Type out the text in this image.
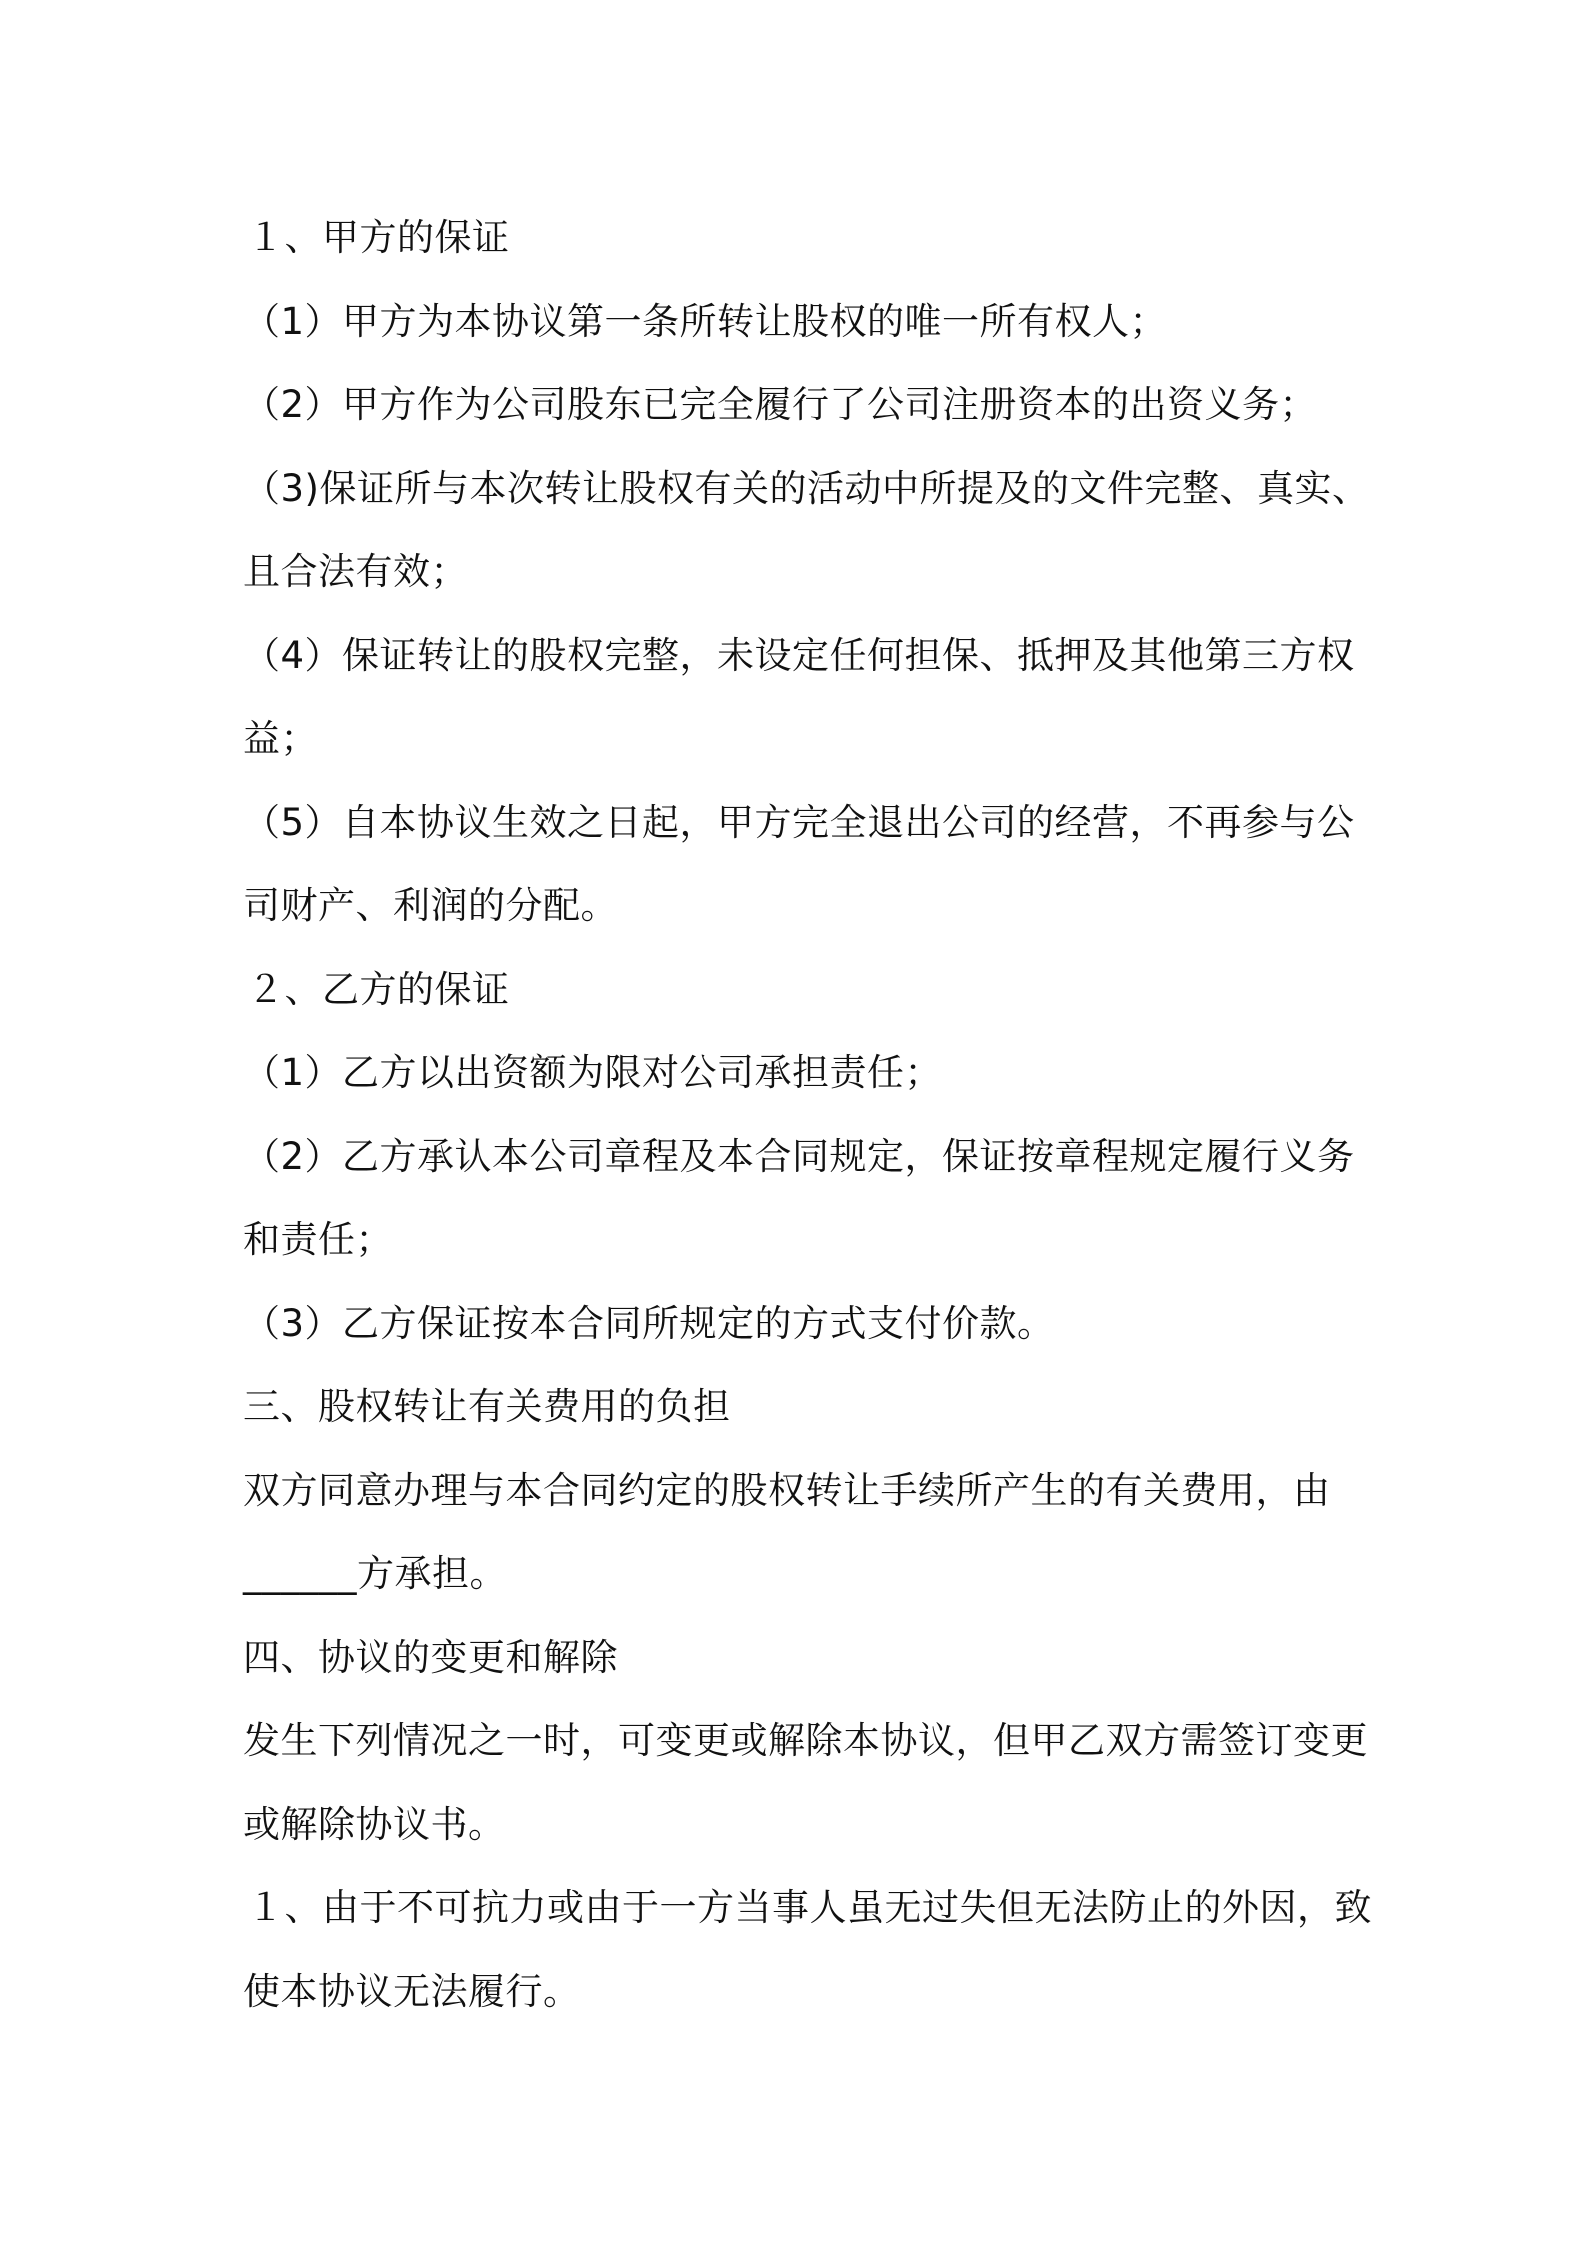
１、甲方的保证
（1）甲方为本协议第一条所转让股权的唯一所有权人；
（2）甲方作为公司股东已完全履行了公司注册资本的出资义务；
（3)保证所与本次转让股权有关的活动中所提及的文件完整、真实、
且合法有效；
（4）保证转让的股权完整，未设定任何担保、抵押及其他第三方权
益；
（5）自本协议生效之日起，甲方完全退出公司的经营，不再参与公
司财产、利润的分配。
２、乙方的保证
（1）乙方以出资额为限对公司承担责任；
（2）乙方承认本公司章程及本合同规定，保证按章程规定履行义务
和责任；
（3）乙方保证按本合同所规定的方式支付价款。
三、股权转让有关费用的负担
双方同意办理与本合同约定的股权转让手续所产生的有关费用，由
______方承担。
四、协议的变更和解除
发生下列情况之一时，可变更或解除本协议，但甲乙双方需签订变更
或解除协议书。
１、由于不可抗力或由于一方当事人虽无过失但无法防止的外因，致
使本协议无法履行。
